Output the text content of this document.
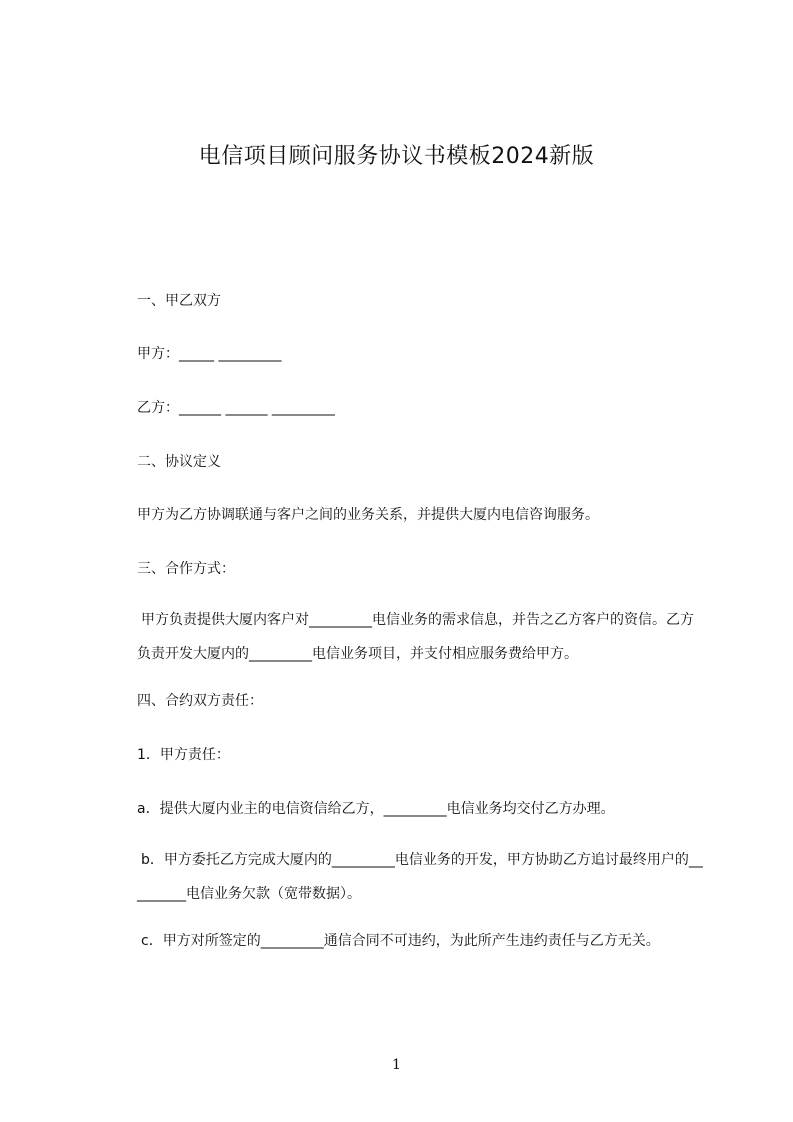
电信项目顾问服务协议书模板2024新版
一、甲乙双方
甲方：_____ _________
乙方：______ ______ _________
二、协议定义
甲方为乙方协调联通与客户之间的业务关系，并提供大厦内电信咨询服务。
三、合作方式：
甲方负责提供大厦内客户对_________电信业务的需求信息，并告之乙方客户的资信。乙方负责开发大厦内的_________电信业务项目，并支付相应服务费给甲方。
四、合约双方责任：
1．甲方责任：
a．提供大厦内业主的电信资信给乙方，_________电信业务均交付乙方办理。
b．甲方委托乙方完成大厦内的_________电信业务的开发，甲方协助乙方追讨最终用户的_________电信业务欠款（宽带数据）。
c．甲方对所签定的_________通信合同不可违约，为此所产生违约责任与乙方无关。
1
